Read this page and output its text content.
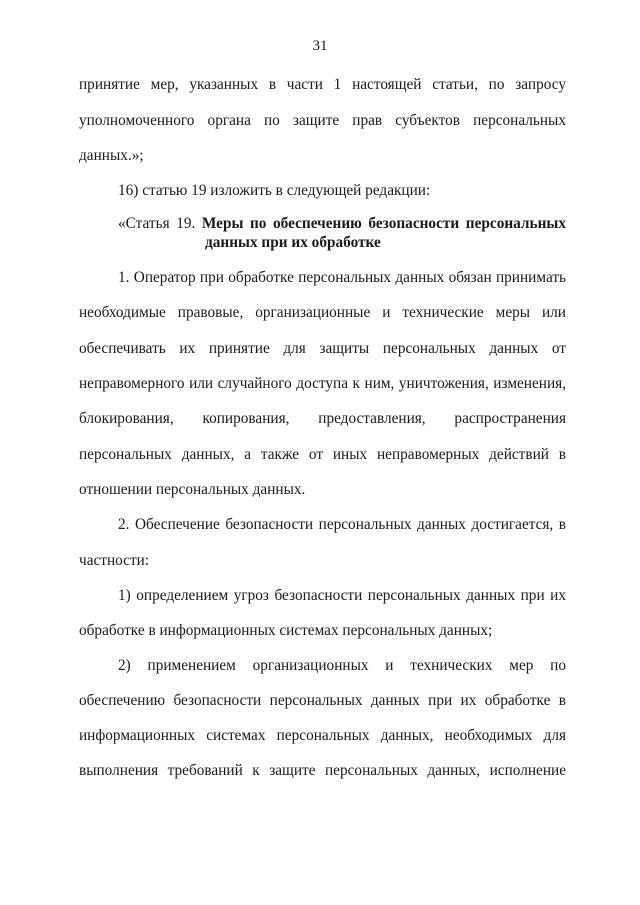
31
принятие мер, указанных в части 1 настоящей статьи, по запросу
уполномоченного органа по защите прав субъектов персональных
данных.»;
16) статью 19 изложить в следующей редакции:
«Статья 19. Меры по обеспечению безопасности персональных
данных при их обработке
1. Оператор при обработке персональных данных обязан принимать
необходимые правовые, организационные и технические меры или
обеспечивать их принятие для защиты персональных данных от
неправомерного или случайного доступа к ним, уничтожения, изменения,
блокирования, копирования, предоставления, распространения
персональных данных, а также от иных неправомерных действий в
отношении персональных данных.
2. Обеспечение безопасности персональных данных достигается, в
частности:
1) определением угроз безопасности персональных данных при их
обработке в информационных системах персональных данных;
2) применением организационных и технических мер по
обеспечению безопасности персональных данных при их обработке в
информационных системах персональных данных, необходимых для
выполнения требований к защите персональных данных, исполнение
